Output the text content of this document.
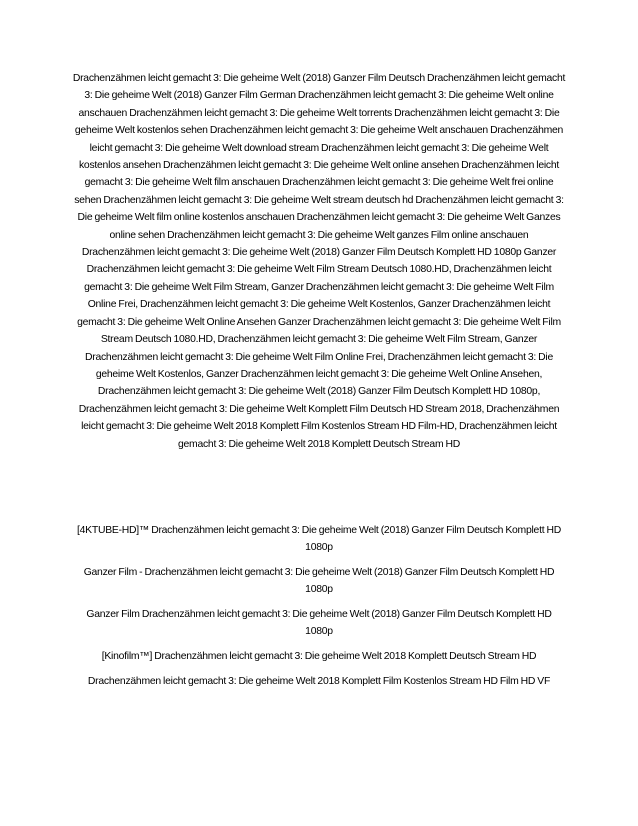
Drachenzähmen leicht gemacht 3: Die geheime Welt (2018) Ganzer Film Deutsch Drachenzähmen leicht gemacht 3: Die geheime Welt (2018) Ganzer Film German Drachenzähmen leicht gemacht 3: Die geheime Welt online anschauen Drachenzähmen leicht gemacht 3: Die geheime Welt torrents Drachenzähmen leicht gemacht 3: Die geheime Welt kostenlos sehen Drachenzähmen leicht gemacht 3: Die geheime Welt anschauen Drachenzähmen leicht gemacht 3: Die geheime Welt download stream Drachenzähmen leicht gemacht 3: Die geheime Welt kostenlos ansehen Drachenzähmen leicht gemacht 3: Die geheime Welt online ansehen Drachenzähmen leicht gemacht 3: Die geheime Welt film anschauen Drachenzähmen leicht gemacht 3: Die geheime Welt frei online sehen Drachenzähmen leicht gemacht 3: Die geheime Welt stream deutsch hd Drachenzähmen leicht gemacht 3: Die geheime Welt film online kostenlos anschauen Drachenzähmen leicht gemacht 3: Die geheime Welt Ganzes online sehen Drachenzähmen leicht gemacht 3: Die geheime Welt ganzes Film online anschauen Drachenzähmen leicht gemacht 3: Die geheime Welt (2018) Ganzer Film Deutsch Komplett HD 1080p Ganzer Drachenzähmen leicht gemacht 3: Die geheime Welt Film Stream Deutsch 1080.HD, Drachenzähmen leicht gemacht 3: Die geheime Welt Film Stream, Ganzer Drachenzähmen leicht gemacht 3: Die geheime Welt Film Online Frei, Drachenzähmen leicht gemacht 3: Die geheime Welt Kostenlos, Ganzer Drachenzähmen leicht gemacht 3: Die geheime Welt Online Ansehen Ganzer Drachenzähmen leicht gemacht 3: Die geheime Welt Film Stream Deutsch 1080.HD, Drachenzähmen leicht gemacht 3: Die geheime Welt Film Stream, Ganzer Drachenzähmen leicht gemacht 3: Die geheime Welt Film Online Frei, Drachenzähmen leicht gemacht 3: Die geheime Welt Kostenlos, Ganzer Drachenzähmen leicht gemacht 3: Die geheime Welt Online Ansehen, Drachenzähmen leicht gemacht 3: Die geheime Welt (2018) Ganzer Film Deutsch Komplett HD 1080p, Drachenzähmen leicht gemacht 3: Die geheime Welt Komplett Film Deutsch HD Stream 2018, Drachenzähmen leicht gemacht 3: Die geheime Welt 2018 Komplett Film Kostenlos Stream HD Film-HD, Drachenzähmen leicht gemacht 3: Die geheime Welt 2018 Komplett Deutsch Stream HD

[4KTUBE-HD]™ Drachenzähmen leicht gemacht 3: Die geheime Welt (2018) Ganzer Film Deutsch Komplett HD 1080p
Ganzer Film - Drachenzähmen leicht gemacht 3: Die geheime Welt (2018) Ganzer Film Deutsch Komplett HD 1080p
Ganzer Film Drachenzähmen leicht gemacht 3: Die geheime Welt (2018) Ganzer Film Deutsch Komplett HD 1080p
[Kinofilm™] Drachenzähmen leicht gemacht 3: Die geheime Welt 2018 Komplett Deutsch Stream HD
Drachenzähmen leicht gemacht 3: Die geheime Welt 2018 Komplett Film Kostenlos Stream HD Film HD VF
